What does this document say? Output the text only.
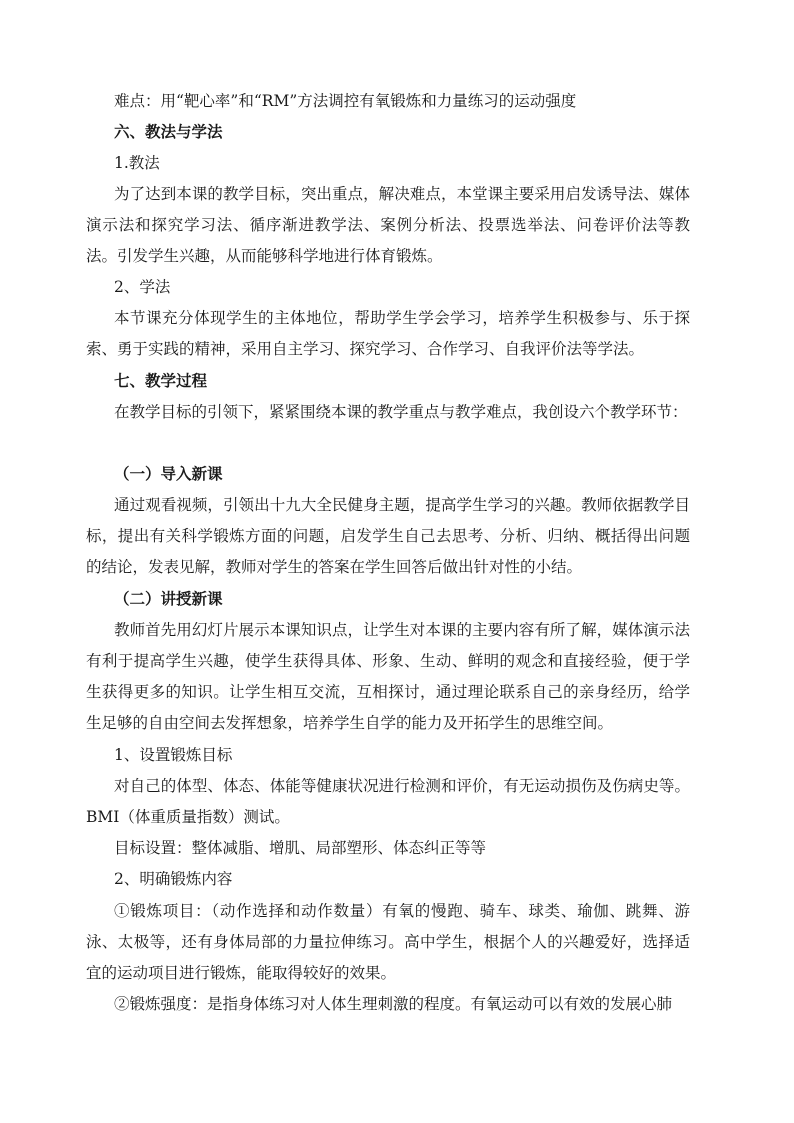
难点：用“靶心率”和“RM”方法调控有氧锻炼和力量练习的运动强度

六、教法与学法

1.教法

为了达到本课的教学目标，突出重点，解决难点，本堂课主要采用启发诱导法、媒体演示法和探究学习法、循序渐进教学法、案例分析法、投票选举法、问卷评价法等教法。引发学生兴趣，从而能够科学地进行体育锻炼。

2、学法

本节课充分体现学生的主体地位，帮助学生学会学习，培养学生积极参与、乐于探索、勇于实践的精神，采用自主学习、探究学习、合作学习、自我评价法等学法。

七、教学过程

在教学目标的引领下，紧紧围绕本课的教学重点与教学难点，我创设六个教学环节：

（一）导入新课

通过观看视频，引领出十九大全民健身主题，提高学生学习的兴趣。教师依据教学目标，提出有关科学锻炼方面的问题，启发学生自己去思考、分析、归纳、概括得出问题的结论，发表见解，教师对学生的答案在学生回答后做出针对性的小结。

（二）讲授新课

教师首先用幻灯片展示本课知识点，让学生对本课的主要内容有所了解，媒体演示法有利于提高学生兴趣，使学生获得具体、形象、生动、鲜明的观念和直接经验，便于学生获得更多的知识。让学生相互交流，互相探讨，通过理论联系自己的亲身经历，给学生足够的自由空间去发挥想象，培养学生自学的能力及开拓学生的思维空间。

1、设置锻炼目标

对自己的体型、体态、体能等健康状况进行检测和评价，有无运动损伤及伤病史等。BMI（体重质量指数）测试。

目标设置：整体减脂、增肌、局部塑形、体态纠正等等

2、明确锻炼内容

①锻炼项目：（动作选择和动作数量）有氧的慢跑、骑车、球类、瑜伽、跳舞、游泳、太极等，还有身体局部的力量拉伸练习。高中学生，根据个人的兴趣爱好，选择适宜的运动项目进行锻炼，能取得较好的效果。

②锻炼强度：是指身体练习对人体生理刺激的程度。有氧运动可以有效的发展心肺
